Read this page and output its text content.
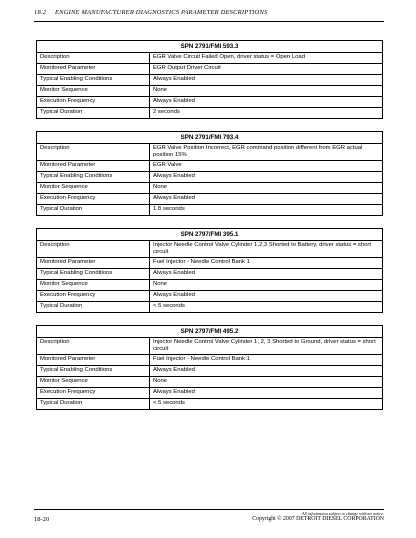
18.2 ENGINE MANUFACTURER DIAGNOSTICS PARAMETER DESCRIPTIONS
SPN 2791/FMI 593.3	
Description	EGR Valve Circuit Failed Open, driver status = Open Load
Monitored Parameter	EGR Output Driver Circuit
Typical Enabling Conditions	Always Enabled
Monitor Sequence	None
Execution Frequency	Always Enabled
Typical Duration	2 seconds
SPN 2791/FMI 793.4	
Description	EGR Valve Position Incorrect, EGR command position different from EGR actual position 15%
Monitored Parameter	EGR Valve
Typical Enabling Conditions	Always Enabled
Monitor Sequence	None
Execution Frequency	Always Enabled
Typical Duration	1.8 seconds
SPN 2797/FMI 395.1	
Description	Injector Needle Control Valve Cylinder 1,2,3 Shorted to Battery, driver status = short circuit
Monitored Parameter	Fuel Injector - Needle Control Bank 1
Typical Enabling Conditions	Always Enabled
Monitor Sequence	None
Execution Frequency	Always Enabled
Typical Duration	< 5 seconds
SPN 2797/FMI 495.2	
Description	Injector Needle Control Valve Cylinder 1, 2, 3 Shorted to Ground, driver status = short circuit
Monitored Parameter	Fuel Injector - Needle Control Bank 1
Typical Enabling Conditions	Always Enabled
Monitor Sequence	None
Execution Frequency	Always Enabled
Typical Duration	< 5 seconds
18-20
All information subject to change without notice.
Copyright © 2007 DETROIT DIESEL CORPORATION
